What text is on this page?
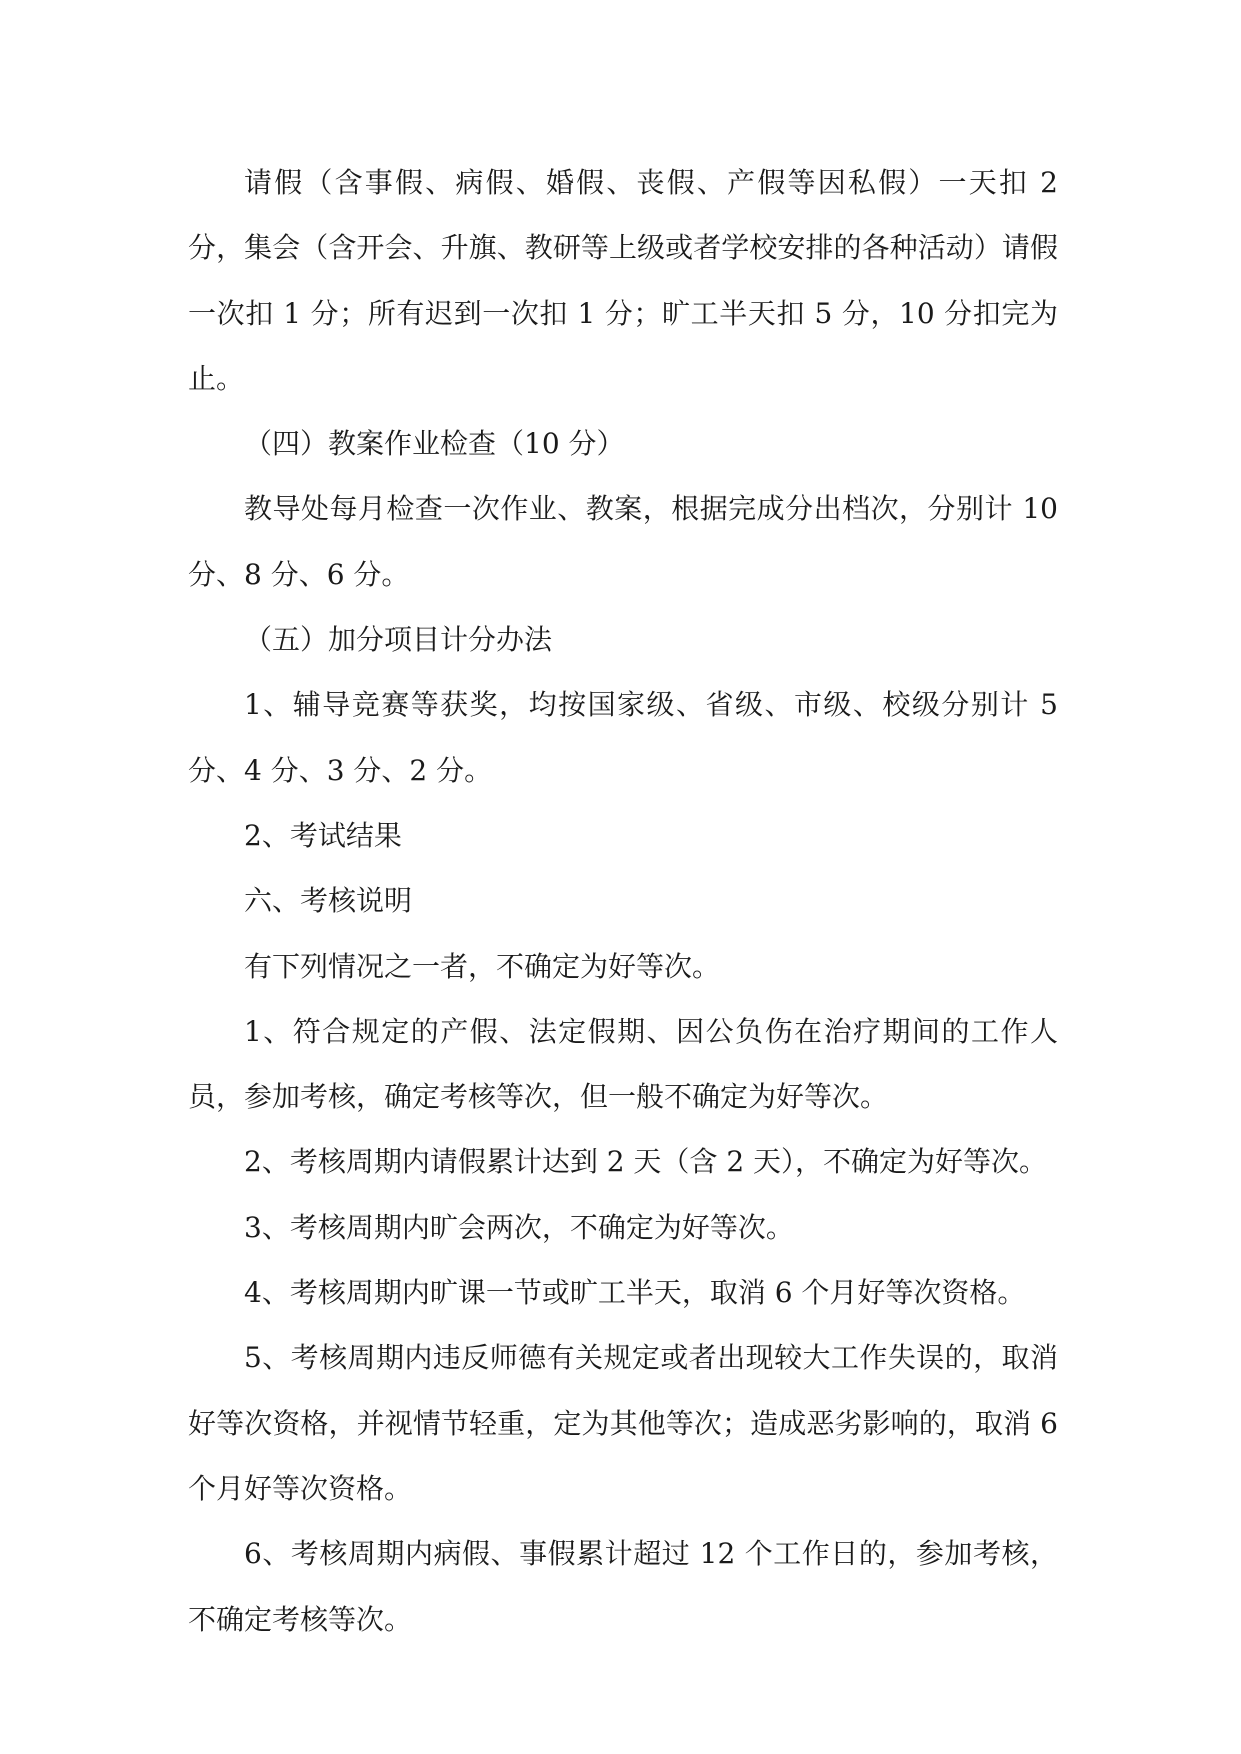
请假（含事假、病假、婚假、丧假、产假等因私假）一天扣 2 分，集会（含开会、升旗、教研等上级或者学校安排的各种活动）请假一次扣 1 分；所有迟到一次扣 1 分；旷工半天扣 5 分，10 分扣完为止。

（四）教案作业检查（10 分）

教导处每月检查一次作业、教案，根据完成分出档次，分别计 10 分、8 分、6 分。

（五）加分项目计分办法

1、辅导竞赛等获奖，均按国家级、省级、市级、校级分别计 5 分、4 分、3 分、2 分。

2、考试结果

六、考核说明

有下列情况之一者，不确定为好等次。

1、符合规定的产假、法定假期、因公负伤在治疗期间的工作人员，参加考核，确定考核等次，但一般不确定为好等次。

2、考核周期内请假累计达到 2 天（含 2 天），不确定为好等次。

3、考核周期内旷会两次，不确定为好等次。

4、考核周期内旷课一节或旷工半天，取消 6 个月好等次资格。

5、考核周期内违反师德有关规定或者出现较大工作失误的，取消好等次资格，并视情节轻重，定为其他等次；造成恶劣影响的，取消 6 个月好等次资格。

6、考核周期内病假、事假累计超过 12 个工作日的，参加考核，不确定考核等次。
